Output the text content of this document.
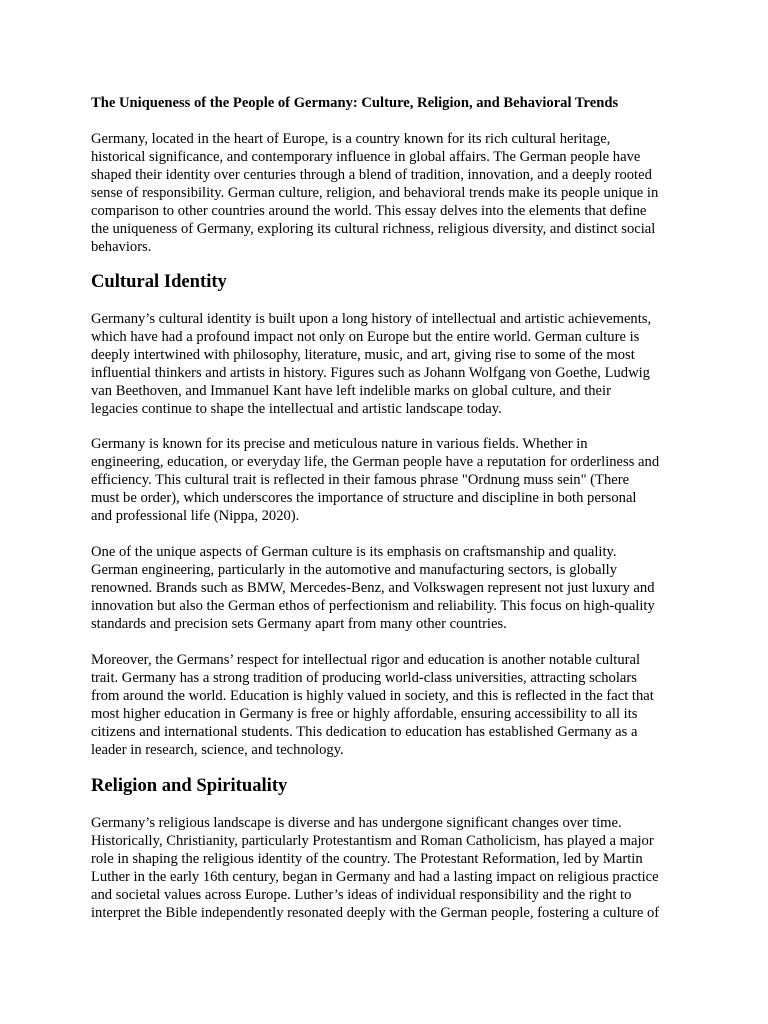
The Uniqueness of the People of Germany: Culture, Religion, and Behavioral Trends

Germany, located in the heart of Europe, is a country known for its rich cultural heritage,
historical significance, and contemporary influence in global affairs. The German people have
shaped their identity over centuries through a blend of tradition, innovation, and a deeply rooted
sense of responsibility. German culture, religion, and behavioral trends make its people unique in
comparison to other countries around the world. This essay delves into the elements that define
the uniqueness of Germany, exploring its cultural richness, religious diversity, and distinct social
behaviors.

Cultural Identity

Germany’s cultural identity is built upon a long history of intellectual and artistic achievements,
which have had a profound impact not only on Europe but the entire world. German culture is
deeply intertwined with philosophy, literature, music, and art, giving rise to some of the most
influential thinkers and artists in history. Figures such as Johann Wolfgang von Goethe, Ludwig
van Beethoven, and Immanuel Kant have left indelible marks on global culture, and their
legacies continue to shape the intellectual and artistic landscape today.

Germany is known for its precise and meticulous nature in various fields. Whether in
engineering, education, or everyday life, the German people have a reputation for orderliness and
efficiency. This cultural trait is reflected in their famous phrase "Ordnung muss sein" (There
must be order), which underscores the importance of structure and discipline in both personal
and professional life (Nippa, 2020).

One of the unique aspects of German culture is its emphasis on craftsmanship and quality.
German engineering, particularly in the automotive and manufacturing sectors, is globally
renowned. Brands such as BMW, Mercedes-Benz, and Volkswagen represent not just luxury and
innovation but also the German ethos of perfectionism and reliability. This focus on high-quality
standards and precision sets Germany apart from many other countries.

Moreover, the Germans’ respect for intellectual rigor and education is another notable cultural
trait. Germany has a strong tradition of producing world-class universities, attracting scholars
from around the world. Education is highly valued in society, and this is reflected in the fact that
most higher education in Germany is free or highly affordable, ensuring accessibility to all its
citizens and international students. This dedication to education has established Germany as a
leader in research, science, and technology.

Religion and Spirituality

Germany’s religious landscape is diverse and has undergone significant changes over time.
Historically, Christianity, particularly Protestantism and Roman Catholicism, has played a major
role in shaping the religious identity of the country. The Protestant Reformation, led by Martin
Luther in the early 16th century, began in Germany and had a lasting impact on religious practice
and societal values across Europe. Luther’s ideas of individual responsibility and the right to
interpret the Bible independently resonated deeply with the German people, fostering a culture of
